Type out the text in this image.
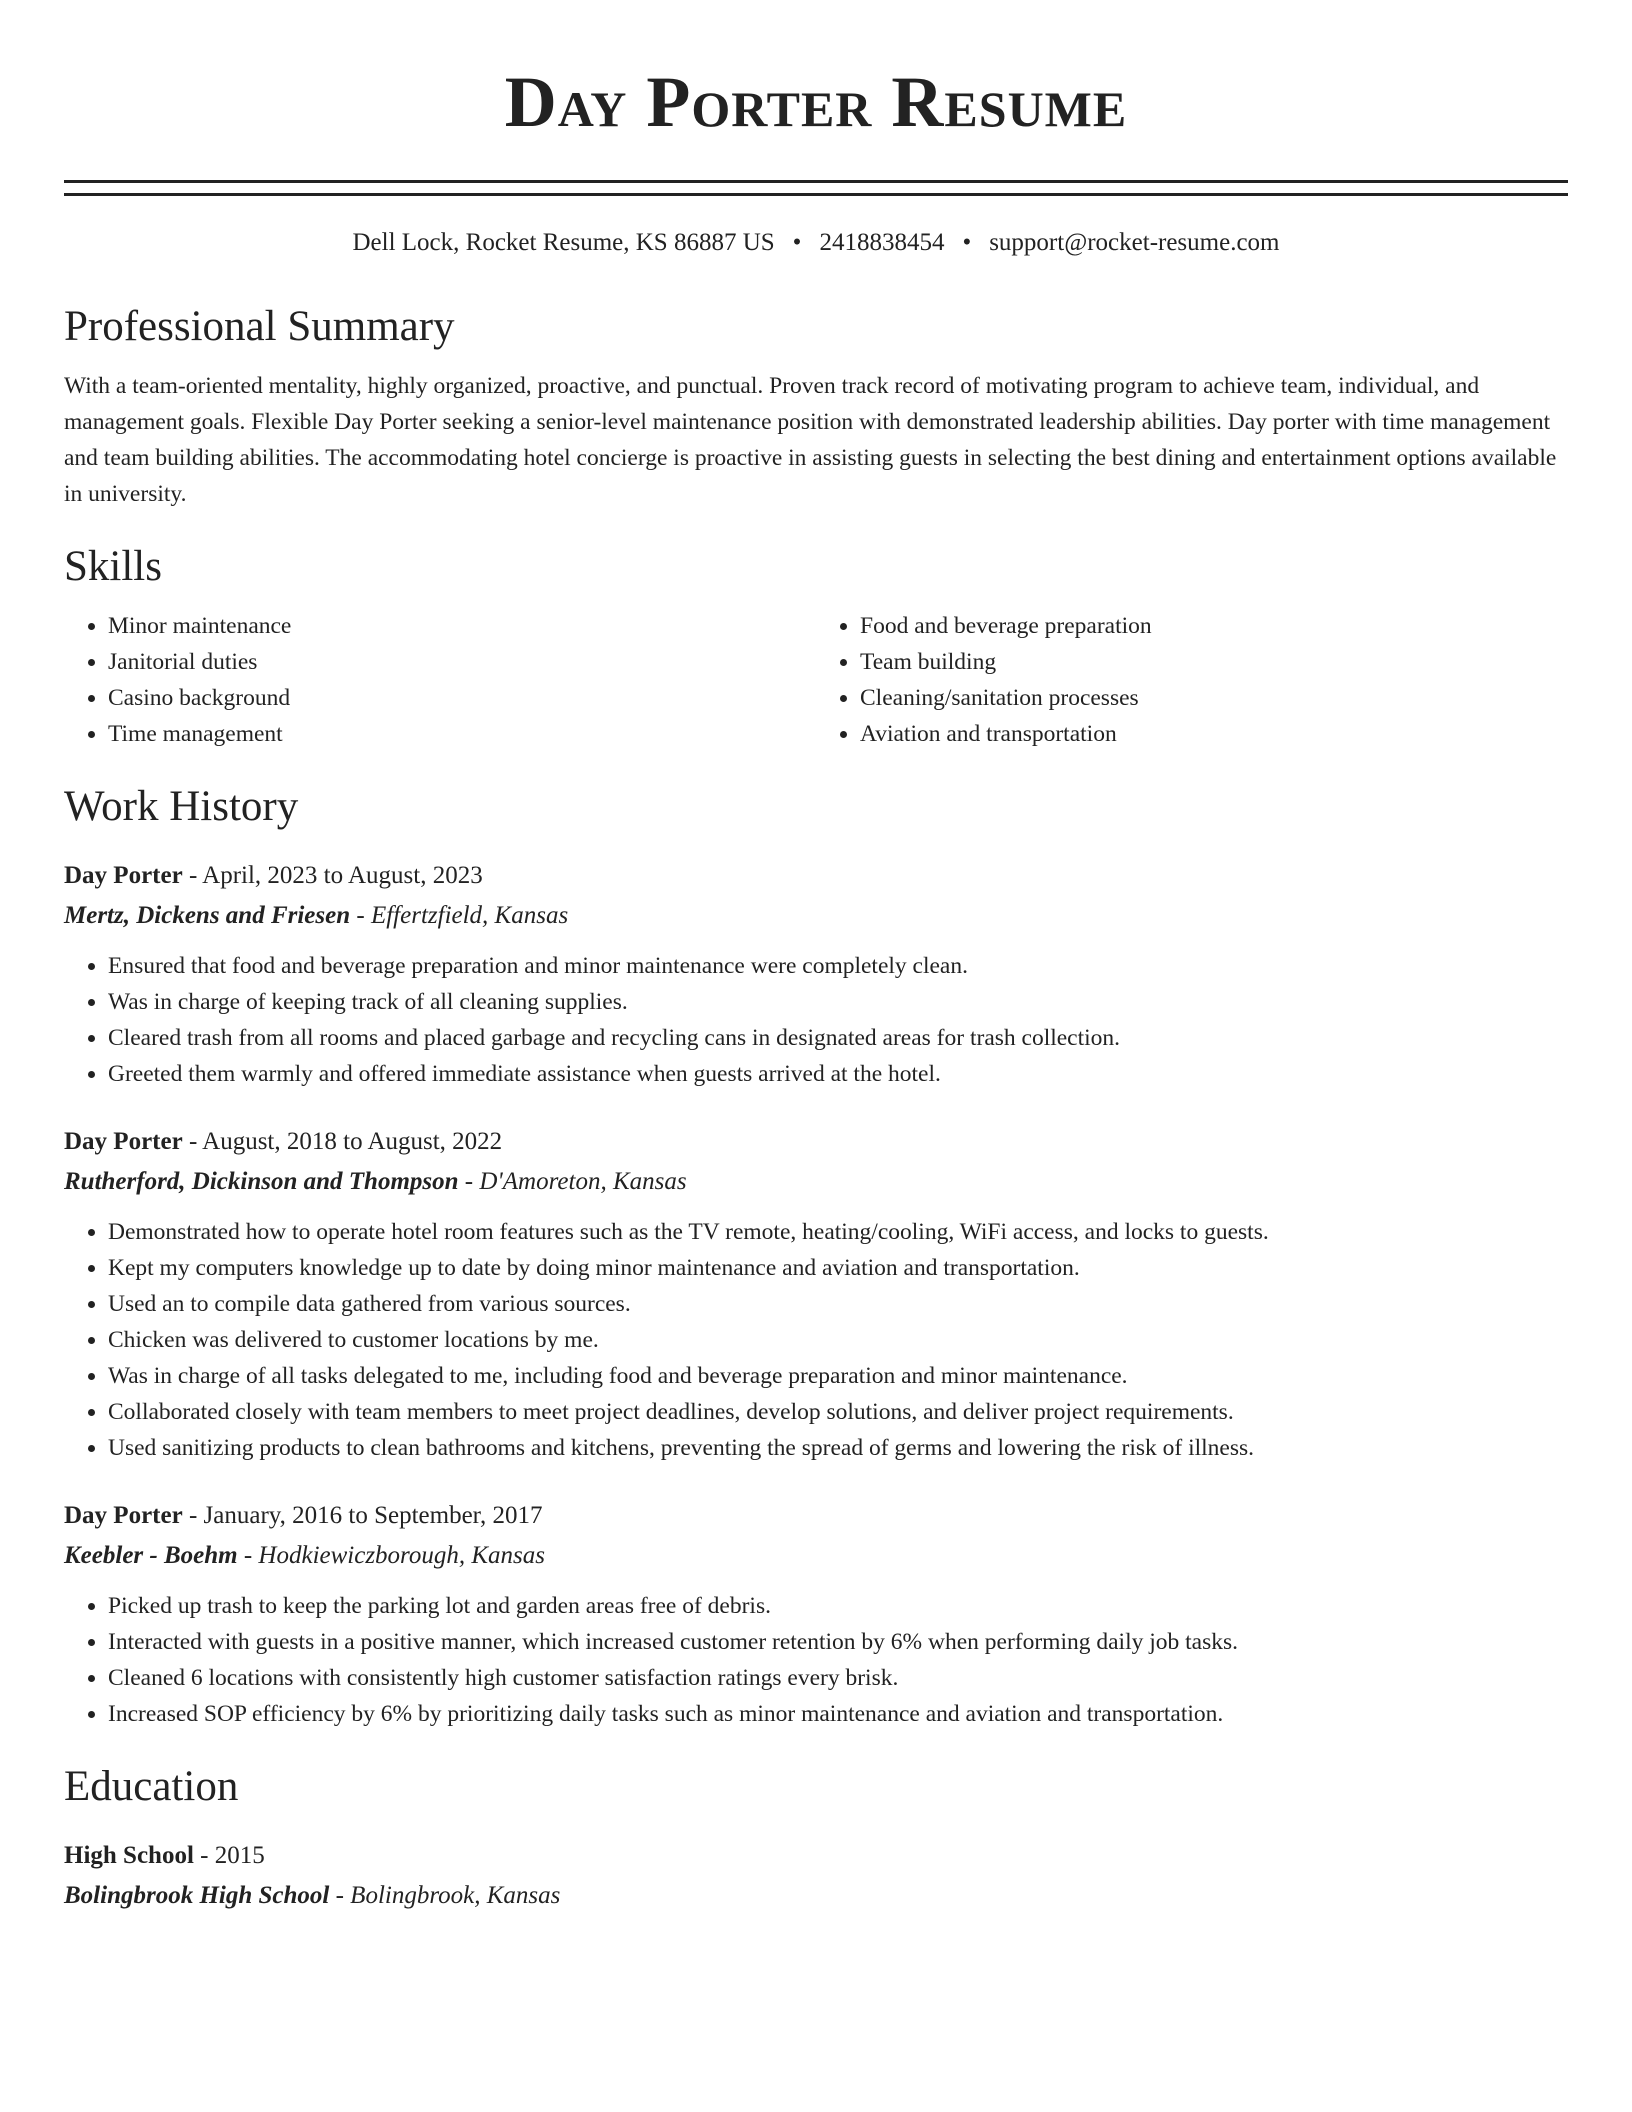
Day Porter Resume
Dell Lock, Rocket Resume, KS 86887 US • 2418838454 • support@rocket-resume.com
Professional Summary

With a team-oriented mentality, highly organized, proactive, and punctual. Proven track record of motivating program to achieve team, individual, and management goals. Flexible Day Porter seeking a senior-level maintenance position with demonstrated leadership abilities. Day porter with time management and team building abilities. The accommodating hotel concierge is proactive in assisting guests in selecting the best dining and entertainment options available in university.

Skills
• Minor maintenance
• Janitorial duties
• Casino background
• Time management
• Food and beverage preparation
• Team building
• Cleaning/sanitation processes
• Aviation and transportation
Work History
Day Porter - April, 2023 to August, 2023
Mertz, Dickens and Friesen - Effertzfield, Kansas
• Ensured that food and beverage preparation and minor maintenance were completely clean.
• Was in charge of keeping track of all cleaning supplies.
• Cleared trash from all rooms and placed garbage and recycling cans in designated areas for trash collection.
• Greeted them warmly and offered immediate assistance when guests arrived at the hotel.
Day Porter - August, 2018 to August, 2022
Rutherford, Dickinson and Thompson - D'Amoreton, Kansas
• Demonstrated how to operate hotel room features such as the TV remote, heating/cooling, WiFi access, and locks to guests.
• Kept my computers knowledge up to date by doing minor maintenance and aviation and transportation.
• Used an to compile data gathered from various sources.
• Chicken was delivered to customer locations by me.
• Was in charge of all tasks delegated to me, including food and beverage preparation and minor maintenance.
• Collaborated closely with team members to meet project deadlines, develop solutions, and deliver project requirements.
• Used sanitizing products to clean bathrooms and kitchens, preventing the spread of germs and lowering the risk of illness.
Day Porter - January, 2016 to September, 2017
Keebler - Boehm - Hodkiewiczborough, Kansas
• Picked up trash to keep the parking lot and garden areas free of debris.
• Interacted with guests in a positive manner, which increased customer retention by 6% when performing daily job tasks.
• Cleaned 6 locations with consistently high customer satisfaction ratings every brisk.
• Increased SOP efficiency by 6% by prioritizing daily tasks such as minor maintenance and aviation and transportation.
Education
High School - 2015
Bolingbrook High School - Bolingbrook, Kansas
